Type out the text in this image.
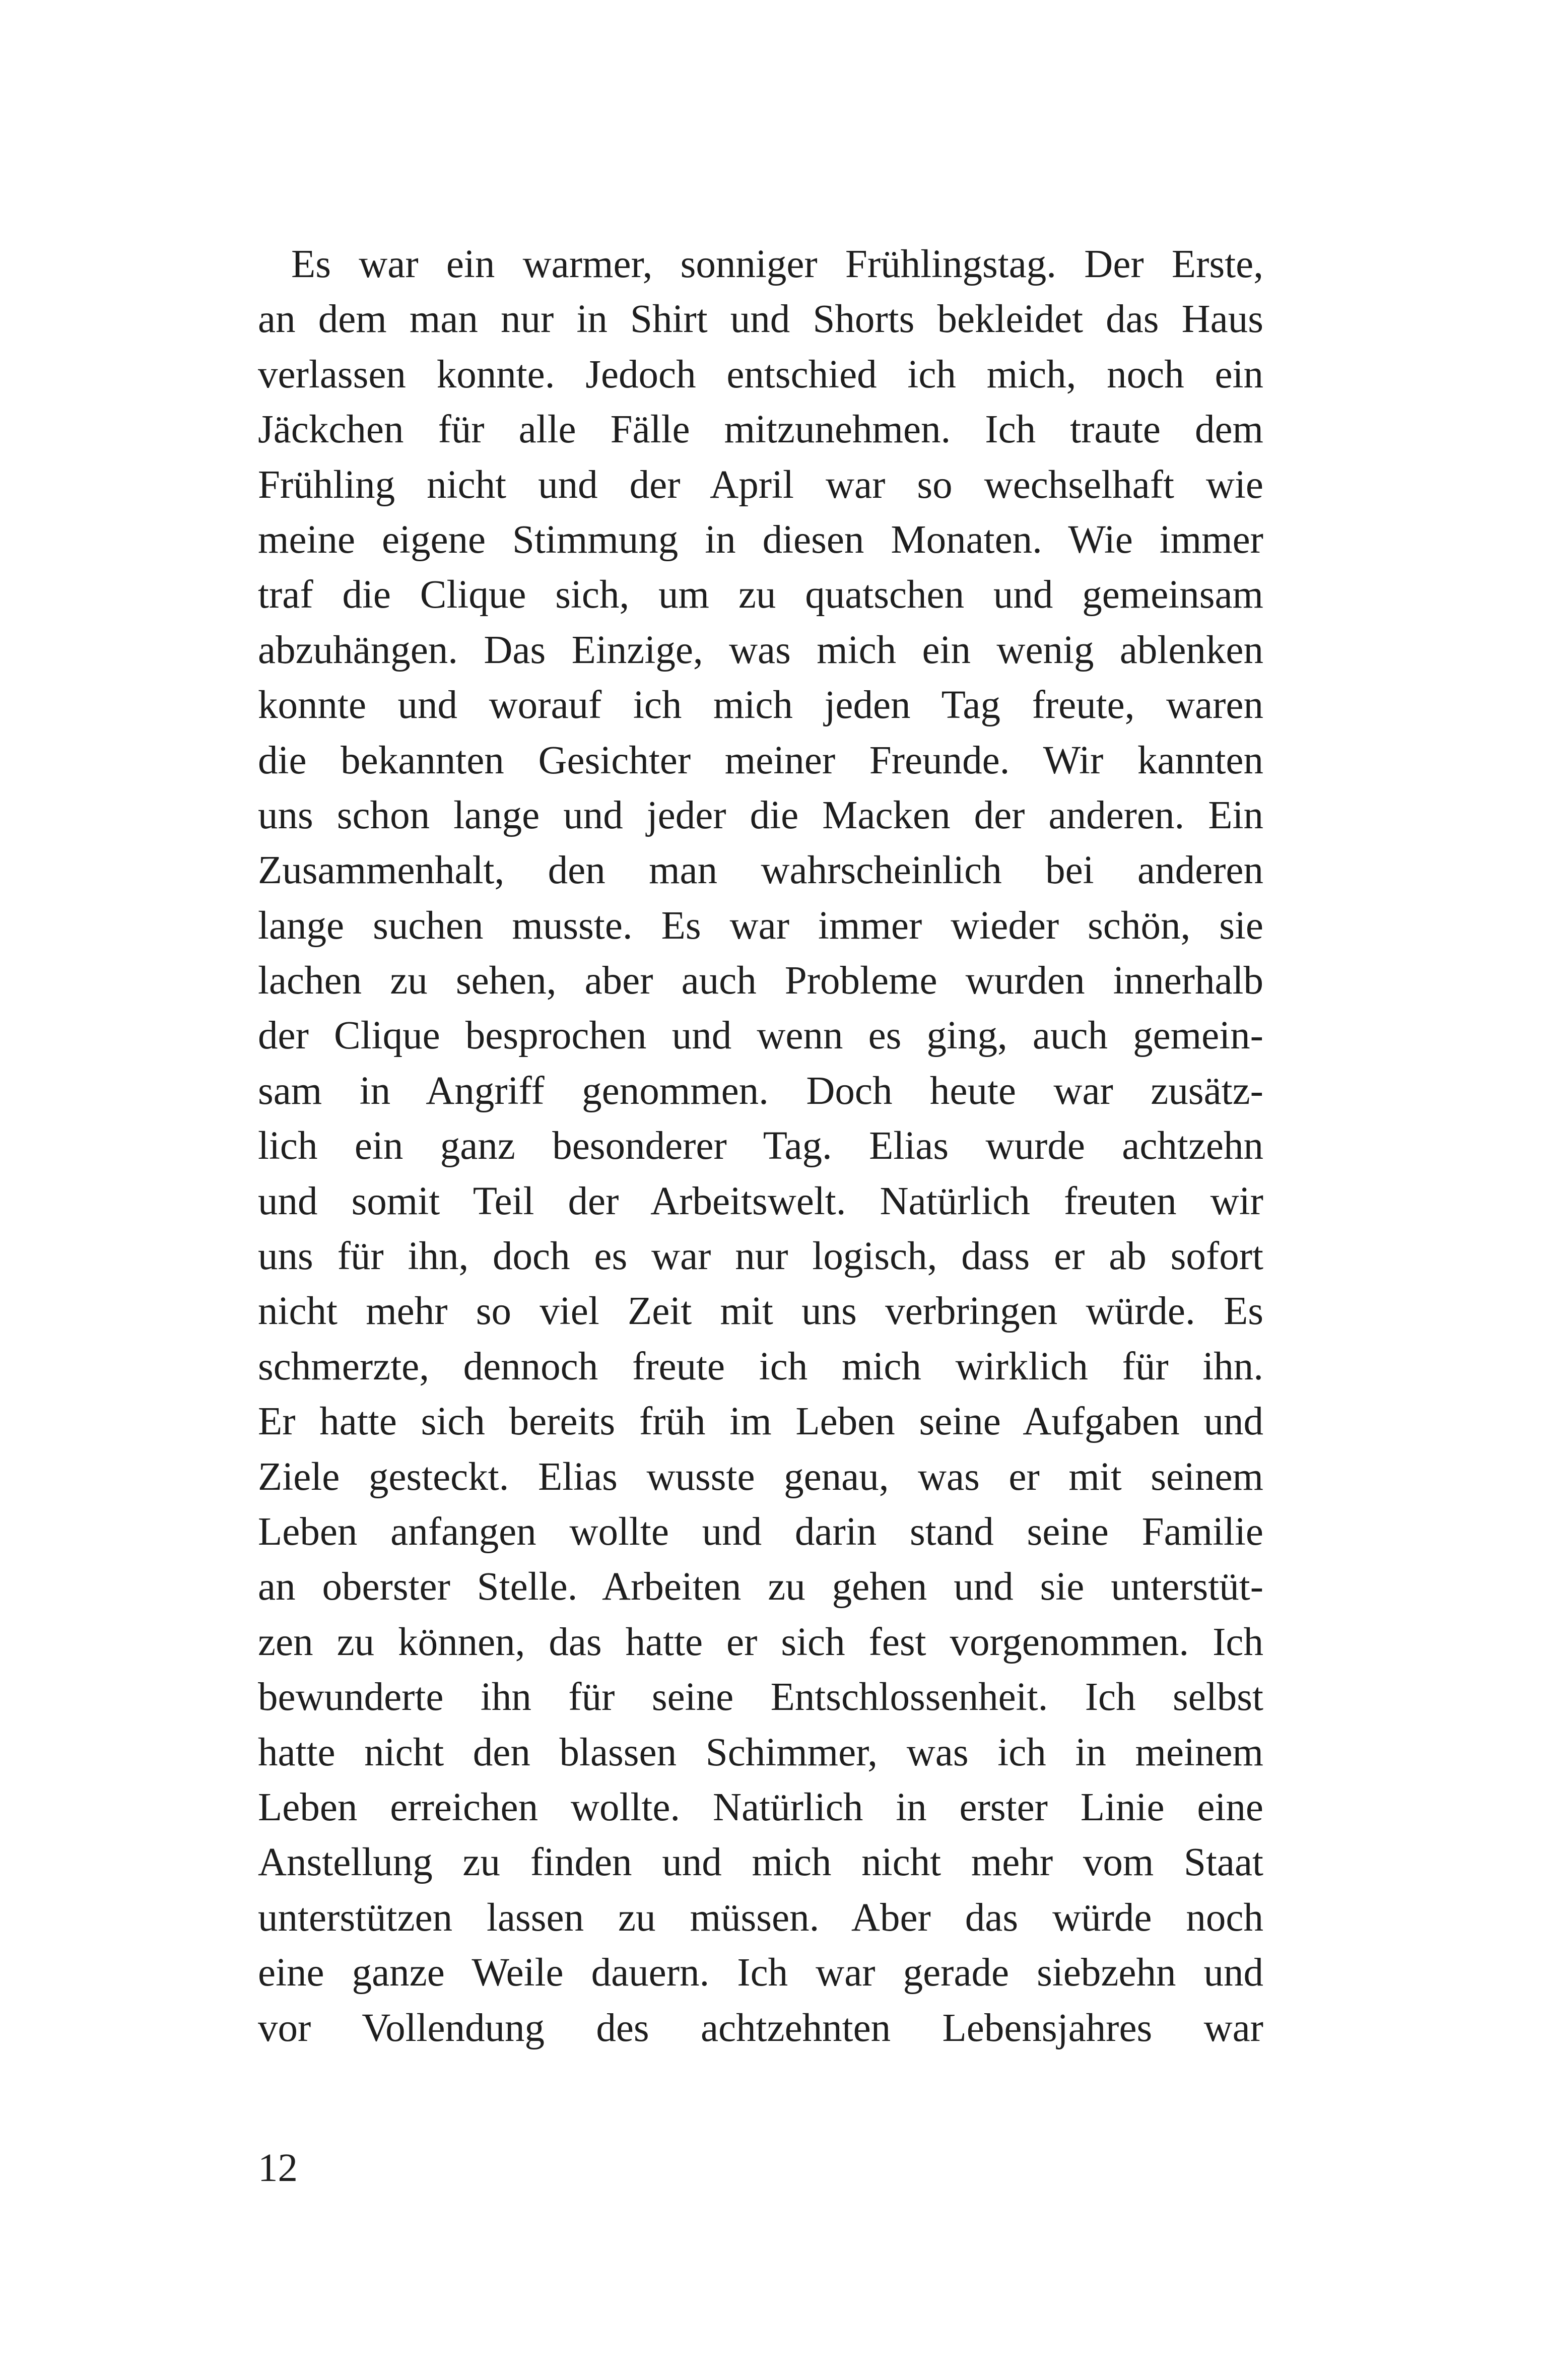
Es war ein warmer, sonniger Frühlingstag. Der Erste,
an dem man nur in Shirt und Shorts bekleidet das Haus
verlassen konnte. Jedoch entschied ich mich, noch ein
Jäckchen für alle Fälle mitzunehmen. Ich traute dem
Frühling nicht und der April war so wechselhaft wie
meine eigene Stimmung in diesen Monaten. Wie immer
traf die Clique sich, um zu quatschen und gemeinsam
abzuhängen. Das Einzige, was mich ein wenig ablenken
konnte und worauf ich mich jeden Tag freute, waren
die bekannten Gesichter meiner Freunde. Wir kannten
uns schon lange und jeder die Macken der anderen. Ein
Zusammenhalt, den man wahrscheinlich bei anderen
lange suchen musste. Es war immer wieder schön, sie
lachen zu sehen, aber auch Probleme wurden innerhalb
der Clique besprochen und wenn es ging, auch gemein-
sam in Angriff genommen. Doch heute war zusätz-
lich ein ganz besonderer Tag. Elias wurde achtzehn
und somit Teil der Arbeitswelt. Natürlich freuten wir
uns für ihn, doch es war nur logisch, dass er ab sofort
nicht mehr so viel Zeit mit uns verbringen würde. Es
schmerzte, dennoch freute ich mich wirklich für ihn.
Er hatte sich bereits früh im Leben seine Aufgaben und
Ziele gesteckt. Elias wusste genau, was er mit seinem
Leben anfangen wollte und darin stand seine Familie
an oberster Stelle. Arbeiten zu gehen und sie unterstüt-
zen zu können, das hatte er sich fest vorgenommen. Ich
bewunderte ihn für seine Entschlossenheit. Ich selbst
hatte nicht den blassen Schimmer, was ich in meinem
Leben erreichen wollte. Natürlich in erster Linie eine
Anstellung zu finden und mich nicht mehr vom Staat
unterstützen lassen zu müssen. Aber das würde noch
eine ganze Weile dauern. Ich war gerade siebzehn und
vor Vollendung des achtzehnten Lebensjahres war
12
